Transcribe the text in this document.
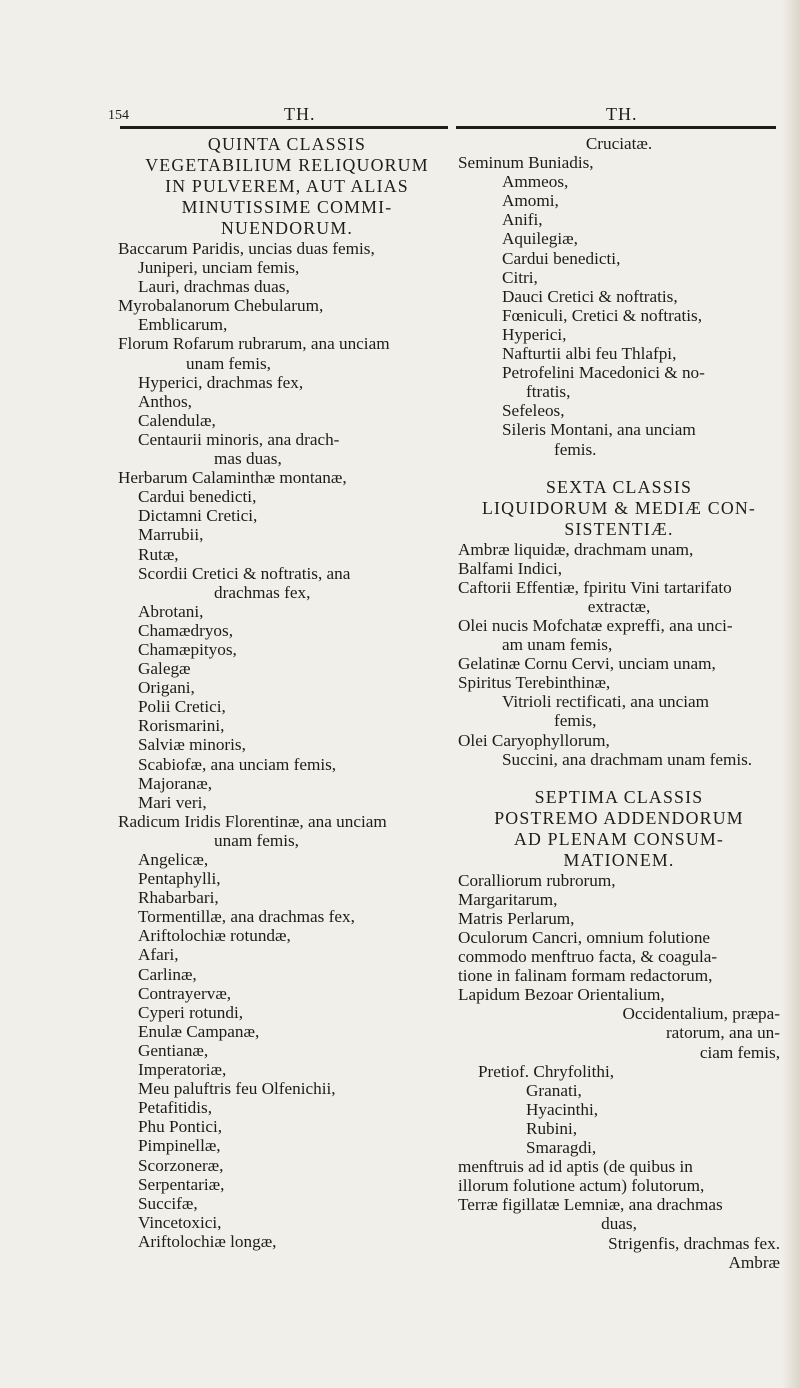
154	TH.	TH.
QUINTA CLASSIS
VEGETABILIUM RELIQUORUM
IN PULVEREM, AUT ALIAS
MINUTISSIME COMMI-
NUENDORUM.
Baccarum Paridis, uncias duas femis,
Juniperi, unciam femis,
Lauri, drachmas duas,
Myrobalanorum Chebularum,
Emblicarum,
Florum Rofarum rubrarum, ana unciam
unam femis,
Hyperici, drachmas fex,
Anthos,
Calendulæ,
Centaurii minoris, ana drach-
mas duas,
Herbarum Calaminthæ montanæ,
Cardui benedicti,
Dictamni Cretici,
Marrubii,
Rutæ,
Scordii Cretici & noftratis, ana
drachmas fex,
Abrotani,
Chamædryos,
Chamæpityos,
Galegæ
Origani,
Polii Cretici,
Rorismarini,
Salviæ minoris,
Scabiofæ, ana unciam femis,
Majoranæ,
Mari veri,
Radicum Iridis Florentinæ, ana unciam
unam femis,
Angelicæ,
Pentaphylli,
Rhabarbari,
Tormentillæ, ana drachmas fex,
Ariftolochiæ rotundæ,
Afari,
Carlinæ,
Contrayervæ,
Cyperi rotundi,
Enulæ Campanæ,
Gentianæ,
Imperatoriæ,
Meu paluftris feu Olfenichii,
Petafitidis,
Phu Pontici,
Pimpinellæ,
Scorzoneræ,
Serpentariæ,
Succifæ,
Vincetoxici,
Ariftolochiæ longæ,
Cruciatæ.
Seminum Buniadis,
Ammeos,
Amomi,
Anifi,
Aquilegiæ,
Cardui benedicti,
Citri,
Dauci Cretici & noftratis,
Fœniculi, Cretici & noftratis,
Hyperici,
Nafturtii albi feu Thlafpi,
Petrofelini Macedonici & no-
ftratis,
Sefeleos,
Sileris Montani, ana unciam
femis.
SEXTA CLASSIS
LIQUIDORUM & MEDIÆ CON-
SISTENTIÆ.
Ambræ liquidæ, drachmam unam,
Balfami Indici,
Caftorii Effentiæ, fpiritu Vini tartarifato
extractæ,
Olei nucis Mofchatæ expreffi, ana unci-
am unam femis,
Gelatinæ Cornu Cervi, unciam unam,
Spiritus Terebinthinæ,
Vitrioli rectificati, ana unciam
femis,
Olei Caryophyllorum,
Succini, ana drachmam unam femis.
SEPTIMA CLASSIS
POSTREMO ADDENDORUM
AD PLENAM CONSUM-
MATIONEM.
Coralliorum rubrorum,
Margaritarum,
Matris Perlarum,
Oculorum Cancri, omnium folutione
commodo menftruo facta, & coagula-
tione in falinam formam redactorum,
Lapidum Bezoar Orientalium,
Occidentalium, præpa-
ratorum, ana un-
ciam femis,
Pretiof. Chryfolithi,
Granati,
Hyacinthi,
Rubini,
Smaragdi,
menftruis ad id aptis (de quibus in
illorum folutione actum) folutorum,
Terræ figillatæ Lemniæ, ana drachmas
duas,
Strigenfis, drachmas fex.
Ambræ
